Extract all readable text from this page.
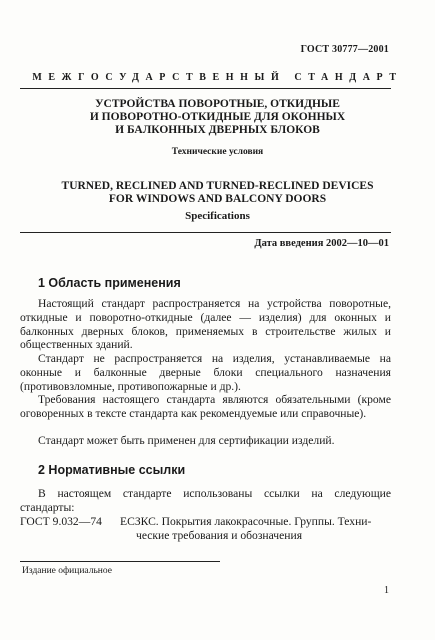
ГОСТ 30777—2001
МЕЖГОСУДАРСТВЕННЫЙ СТАНДАРТ
УСТРОЙСТВА ПОВОРОТНЫЕ, ОТКИДНЫЕ
И ПОВОРОТНО-ОТКИДНЫЕ ДЛЯ ОКОННЫХ
И БАЛКОННЫХ ДВЕРНЫХ БЛОКОВ
Технические условия
TURNED, RECLINED AND TURNED-RECLINED DEVICES
FOR WINDOWS AND BALCONY DOORS
Specifications
Дата введения 2002—10—01
1 Область применения
Настоящий стандарт распространяется на устройства поворотные, откидные и поворотно-откидные (далее — изделия) для оконных и балконных дверных блоков, применяемых в строительстве жилых и общественных зданий.
Стандарт не распространяется на изделия, устанавливаемые на оконные и балконные дверные блоки специального назначения (противовзломные, противопожарные и др.).
Требования настоящего стандарта являются обязательными (кроме оговоренных в тексте стандарта как рекомендуемые или справочные).
Стандарт может быть применен для сертификации изделий.
2 Нормативные ссылки
В настоящем стандарте использованы ссылки на следующие стандарты:
ГОСТ 9.032—74 ЕСЗКС. Покрытия лакокрасочные. Группы. Техни-
ческие требования и обозначения
Издание официальное
1
